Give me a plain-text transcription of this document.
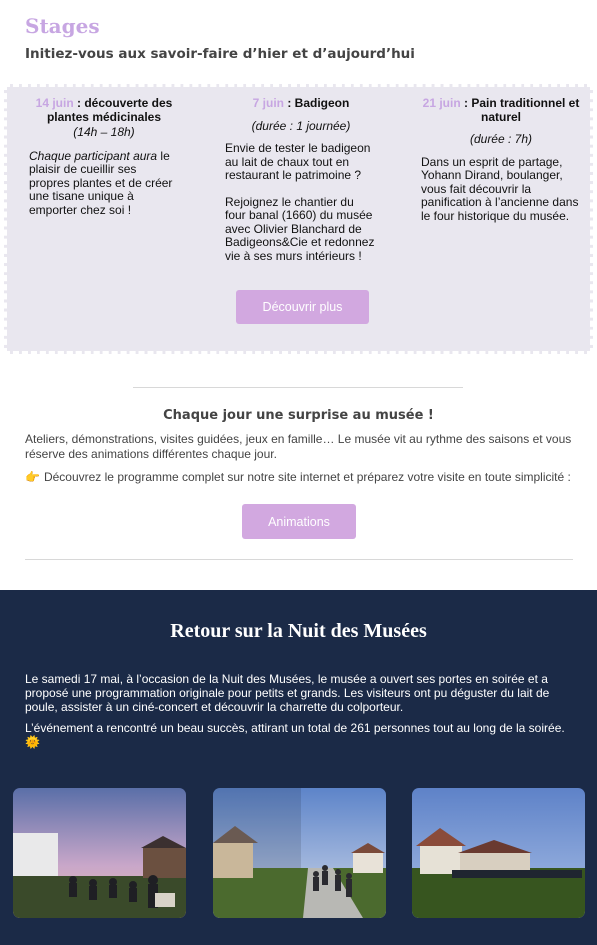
Stages
Initiez-vous aux savoir-faire d’hier et d’aujourd’hui
14 juin : découverte des plantes médicinales
(14h – 18h)

Chaque participant aura le plaisir de cueillir ses propres plantes et de créer une tisane unique à emporter chez soi !

7 juin : Badigeon
(durée : 1 journée)

Envie de tester le badigeon au lait de chaux tout en restaurant le patrimoine ?

Rejoignez le chantier du four banal (1660) du musée avec Olivier Blanchard de Badigeons&Cie et redonnez vie à ses murs intérieurs !

21 juin : Pain traditionnel et naturel
(durée : 7h)

Dans un esprit de partage, Yohann Dirand, boulanger, vous fait découvrir la panification à l’ancienne dans le four historique du musée.

Découvrir plus
Chaque jour une surprise au musée !
Ateliers, démonstrations, visites guidées, jeux en famille… Le musée vit au rythme des saisons et vous réserve des animations différentes chaque jour.
👉 Découvrez le programme complet sur notre site internet et préparez votre visite en toute simplicité :
Animations
Retour sur la Nuit des Musées
Le samedi 17 mai, à l’occasion de la Nuit des Musées, le musée a ouvert ses portes en soirée et a proposé une programmation originale pour petits et grands. Les visiteurs ont pu déguster du lait de poule, assister à un ciné-concert et découvrir la charrette du colporteur.
L’événement a rencontré un beau succès, attirant un total de 261 personnes tout au long de la soirée.
🌞
